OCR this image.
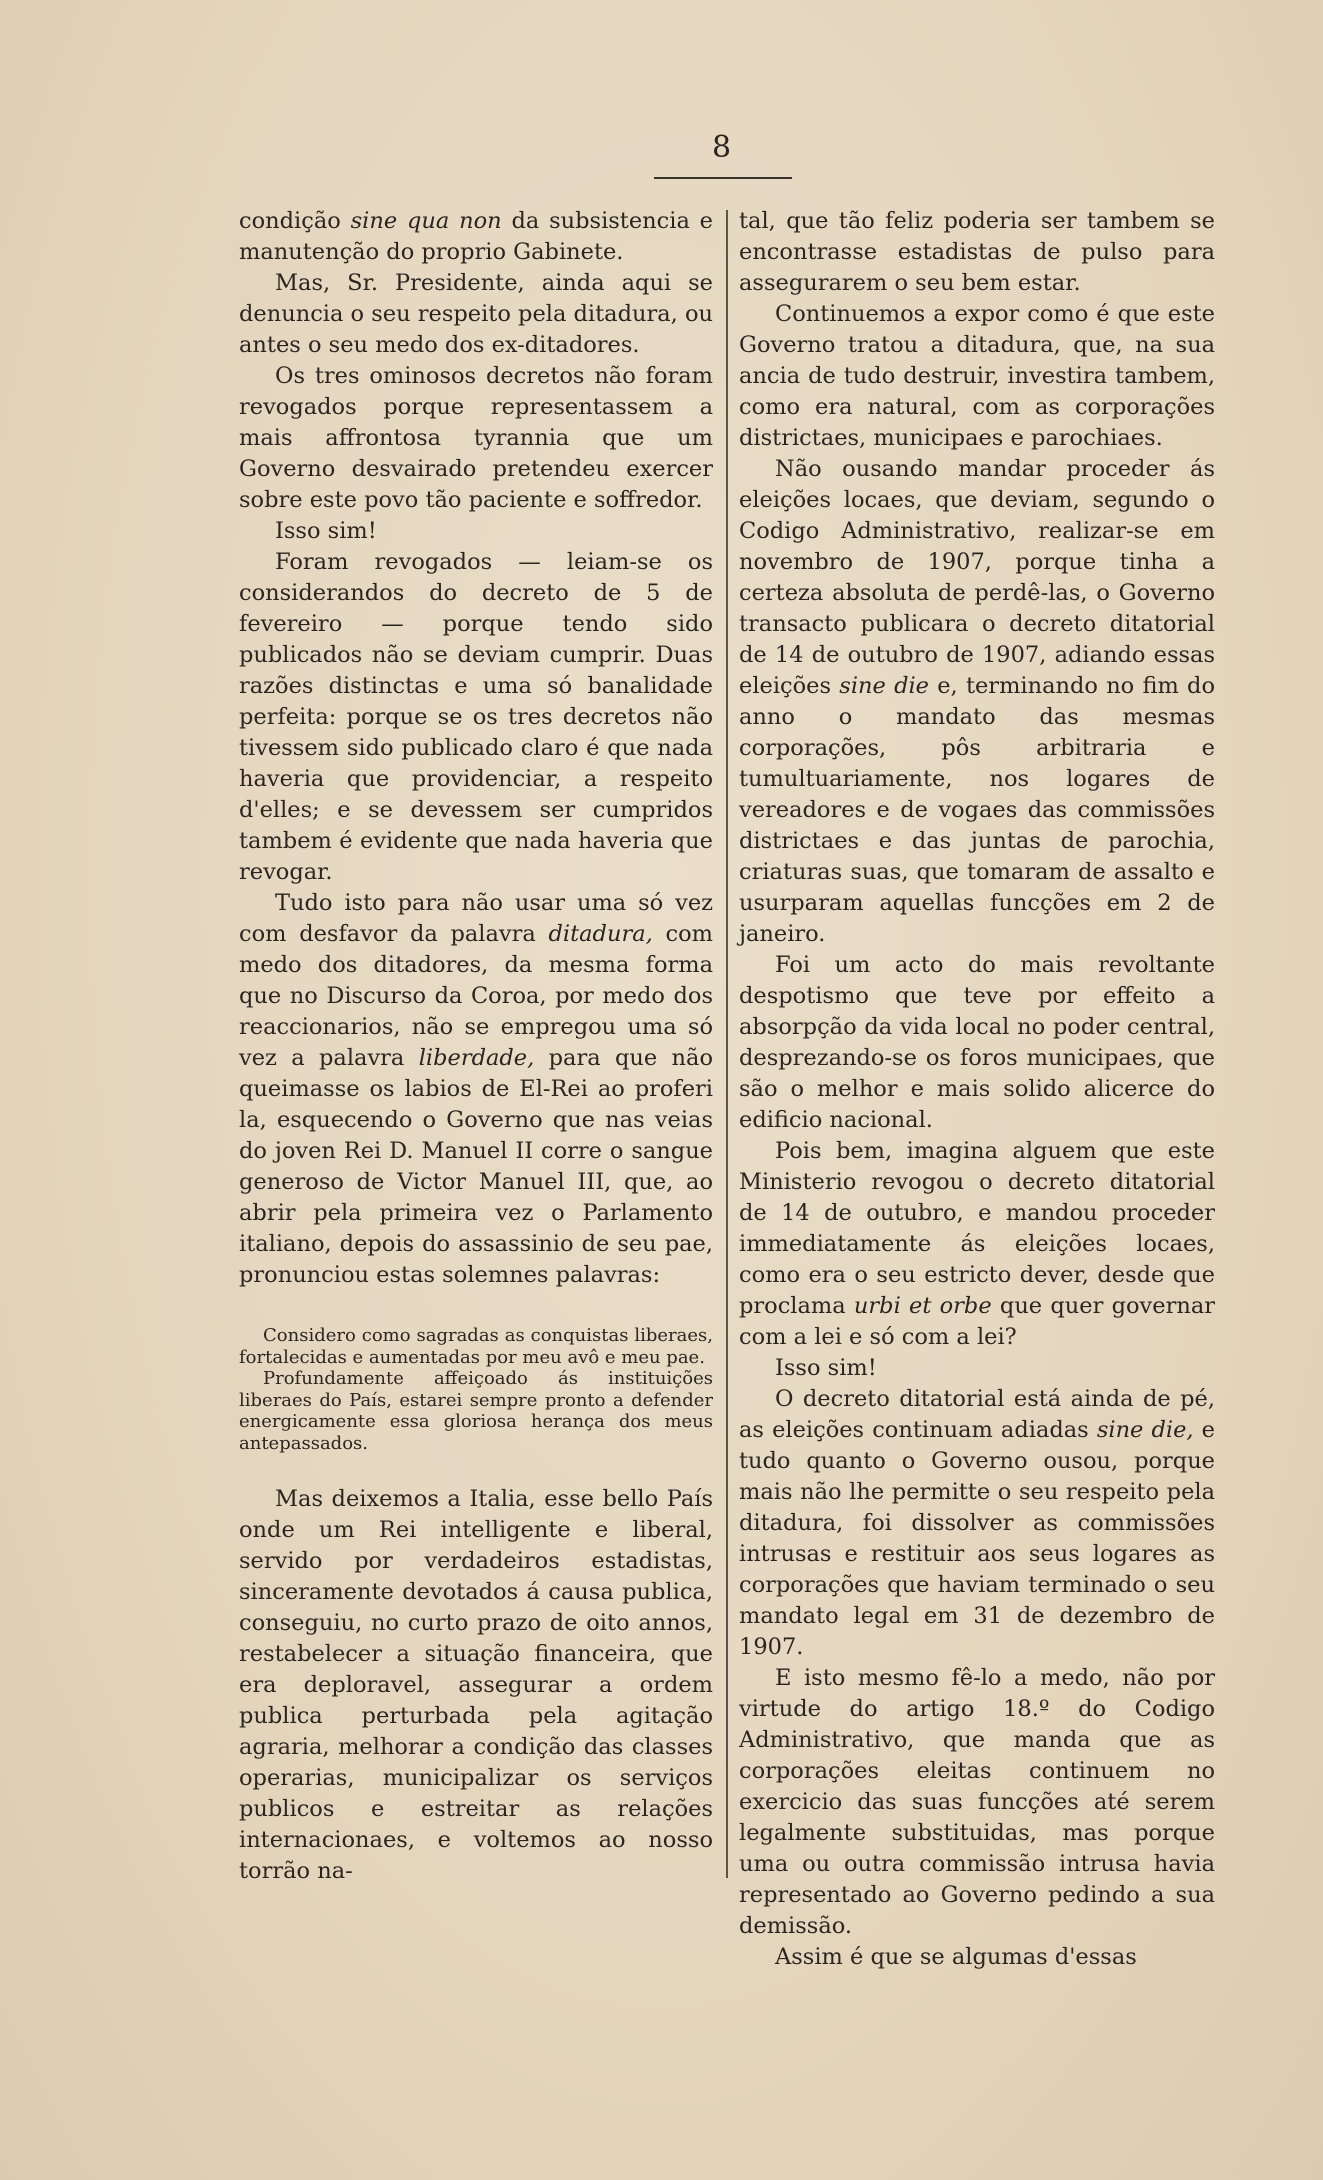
8

condição sine qua non da subsistencia e manutenção do proprio Gabinete.

Mas, Sr. Presidente, ainda aqui se denuncia o seu respeito pela ditadura, ou antes o seu medo dos ex-ditadores.

Os tres ominosos decretos não foram revogados porque representassem a mais affrontosa tyrannia que um Governo desvairado pretendeu exercer sobre este povo tão paciente e soffredor.

Isso sim!

Foram revogados — leiam-se os considerandos do decreto de 5 de fevereiro — porque tendo sido publicados não se deviam cumprir. Duas razões distinctas e uma só banalidade perfeita: porque se os tres decretos não tivessem sido publicado claro é que nada haveria que providenciar, a respeito d'elles; e se devessem ser cumpridos tambem é evidente que nada haveria que revogar.

Tudo isto para não usar uma só vez com desfavor da palavra ditadura, com medo dos ditadores, da mesma forma que no Discurso da Coroa, por medo dos reaccionarios, não se empregou uma só vez a palavra liberdade, para que não queimasse os labios de El-Rei ao proferi la, esquecendo o Governo que nas veias do joven Rei D. Manuel II corre o sangue generoso de Victor Manuel III, que, ao abrir pela primeira vez o Parlamento italiano, depois do assassinio de seu pae, pronunciou estas solemnes palavras:

Considero como sagradas as conquistas liberaes, fortalecidas e aumentadas por meu avô e meu pae.

Profundamente affeiçoado ás instituições liberaes do País, estarei sempre pronto a defender energicamente essa gloriosa herança dos meus antepassados.

Mas deixemos a Italia, esse bello País onde um Rei intelligente e liberal, servido por verdadeiros estadistas, sinceramente devotados á causa publica, conseguiu, no curto prazo de oito annos, restabelecer a situação financeira, que era deploravel, assegurar a ordem publica perturbada pela agitação agraria, melhorar a condição das classes operarias, municipalizar os serviços publicos e estreitar as relações internacionaes, e voltemos ao nosso torrão na-

tal, que tão feliz poderia ser tambem se encontrasse estadistas de pulso para assegurarem o seu bem estar.

Continuemos a expor como é que este Governo tratou a ditadura, que, na sua ancia de tudo destruir, investira tambem, como era natural, com as corporações districtaes, municipaes e parochiaes.

Não ousando mandar proceder ás eleições locaes, que deviam, segundo o Codigo Administrativo, realizar-se em novembro de 1907, porque tinha a certeza absoluta de perdê-las, o Governo transacto publicara o decreto ditatorial de 14 de outubro de 1907, adiando essas eleições sine die e, terminando no fim do anno o mandato das mesmas corporações, pôs arbitraria e tumultuariamente, nos logares de vereadores e de vogaes das commissões districtaes e das juntas de parochia, criaturas suas, que tomaram de assalto e usurparam aquellas funcções em 2 de janeiro.

Foi um acto do mais revoltante despotismo que teve por effeito a absorpção da vida local no poder central, desprezando-se os foros municipaes, que são o melhor e mais solido alicerce do edificio nacional.

Pois bem, imagina alguem que este Ministerio revogou o decreto ditatorial de 14 de outubro, e mandou proceder immediatamente ás eleições locaes, como era o seu estricto dever, desde que proclama urbi et orbe que quer governar com a lei e só com a lei?

Isso sim!

O decreto ditatorial está ainda de pé, as eleições continuam adiadas sine die, e tudo quanto o Governo ousou, porque mais não lhe permitte o seu respeito pela ditadura, foi dissolver as commissões intrusas e restituir aos seus logares as corporações que haviam terminado o seu mandato legal em 31 de dezembro de 1907.

E isto mesmo fê-lo a medo, não por virtude do artigo 18.º do Codigo Administrativo, que manda que as corporações eleitas continuem no exercicio das suas funcções até serem legalmente substituidas, mas porque uma ou outra commissão intrusa havia representado ao Governo pedindo a sua demissão.

Assim é que se algumas d'essas
